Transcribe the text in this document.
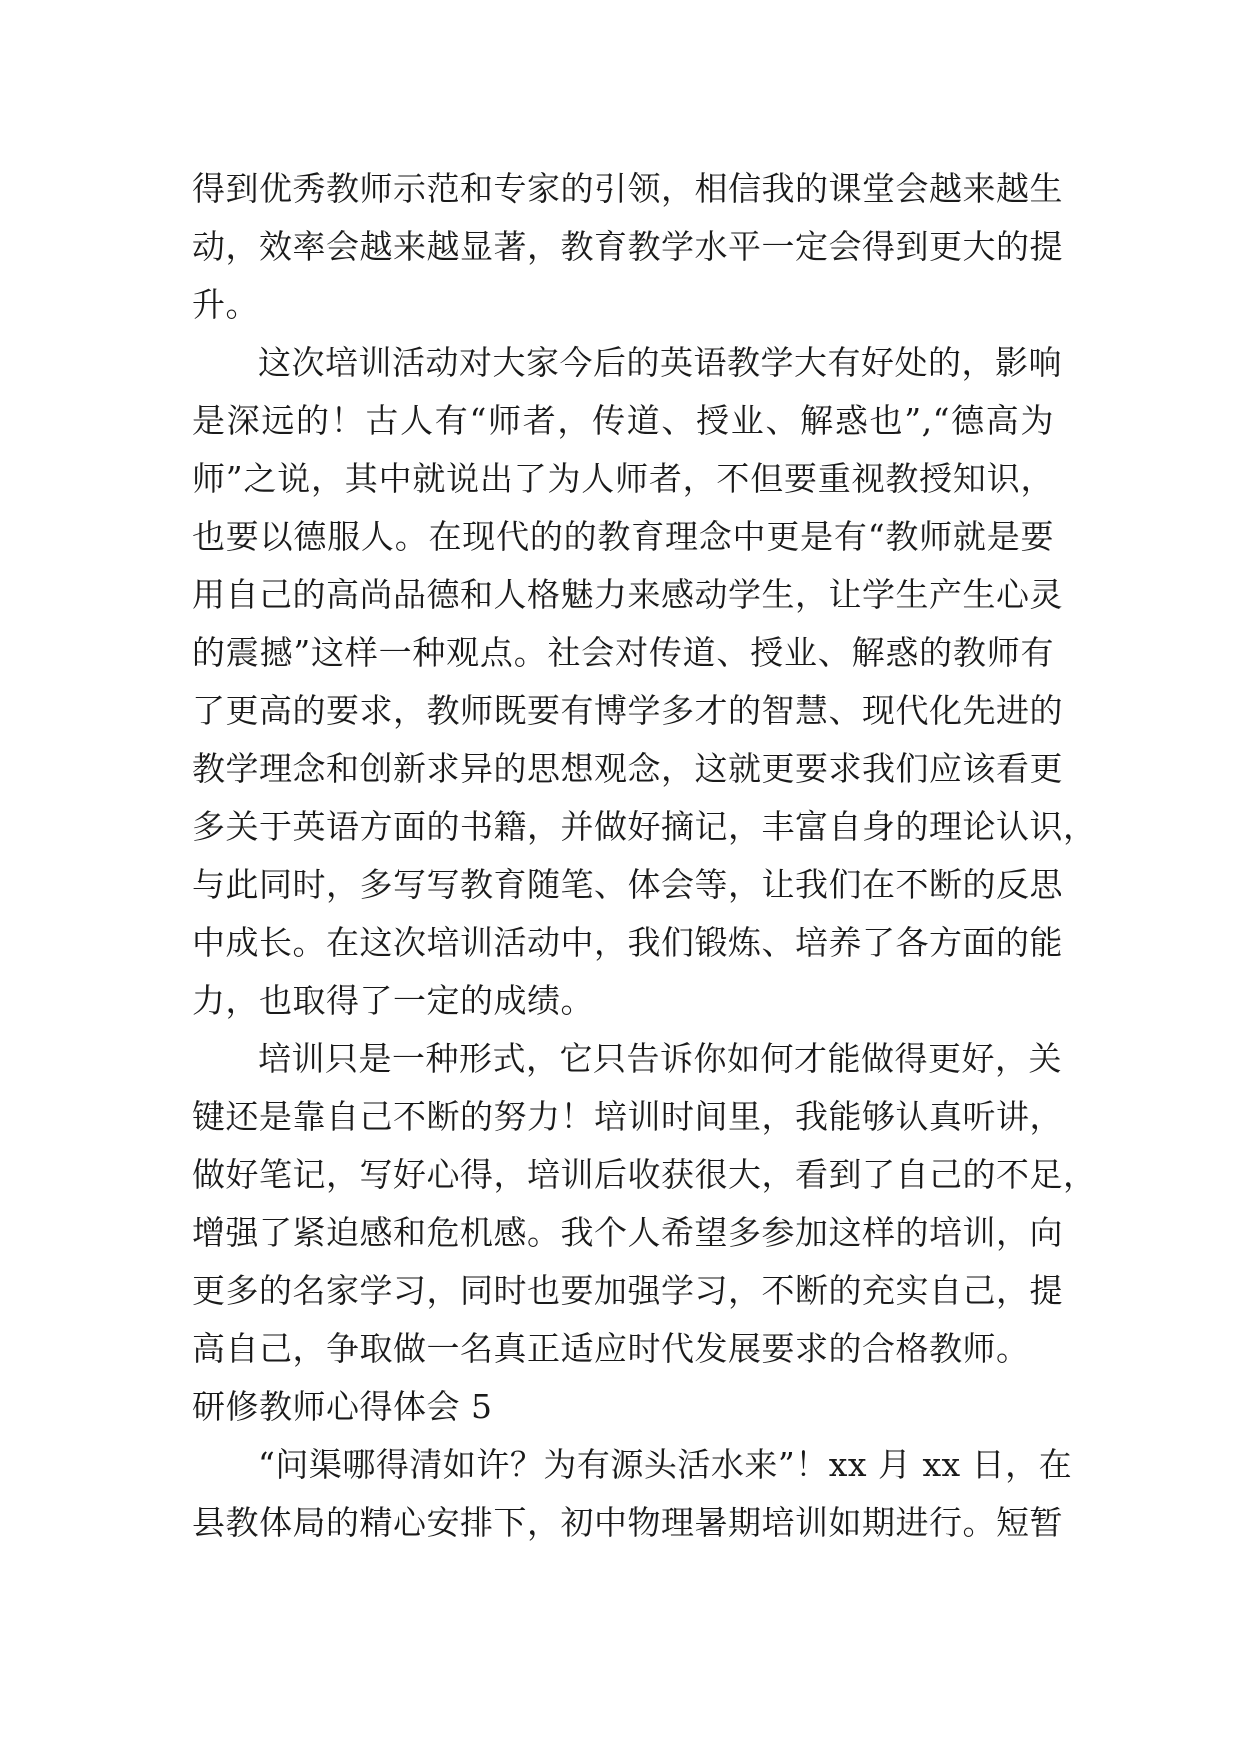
得到优秀教师示范和专家的引领，相信我的课堂会越来越生
动，效率会越来越显著，教育教学水平一定会得到更大的提
升。
这次培训活动对大家今后的英语教学大有好处的，影响
是深远的！古人有“师者，传道、授业、解惑也”,“德高为
师”之说，其中就说出了为人师者，不但要重视教授知识，
也要以德服人。在现代的的教育理念中更是有“教师就是要
用自己的高尚品德和人格魅力来感动学生，让学生产生心灵
的震撼”这样一种观点。社会对传道、授业、解惑的教师有
了更高的要求，教师既要有博学多才的智慧、现代化先进的
教学理念和创新求异的思想观念，这就更要求我们应该看更
多关于英语方面的书籍，并做好摘记，丰富自身的理论认识，
与此同时，多写写教育随笔、体会等，让我们在不断的反思
中成长。在这次培训活动中，我们锻炼、培养了各方面的能
力，也取得了一定的成绩。
培训只是一种形式，它只告诉你如何才能做得更好，关
键还是靠自己不断的努力！培训时间里，我能够认真听讲，
做好笔记，写好心得，培训后收获很大，看到了自己的不足，
增强了紧迫感和危机感。我个人希望多参加这样的培训，向
更多的名家学习，同时也要加强学习，不断的充实自己，提
高自己，争取做一名真正适应时代发展要求的合格教师。
研修教师心得体会 5
“问渠哪得清如许？为有源头活水来”！xx 月 xx 日，在
县教体局的精心安排下，初中物理暑期培训如期进行。短暂
